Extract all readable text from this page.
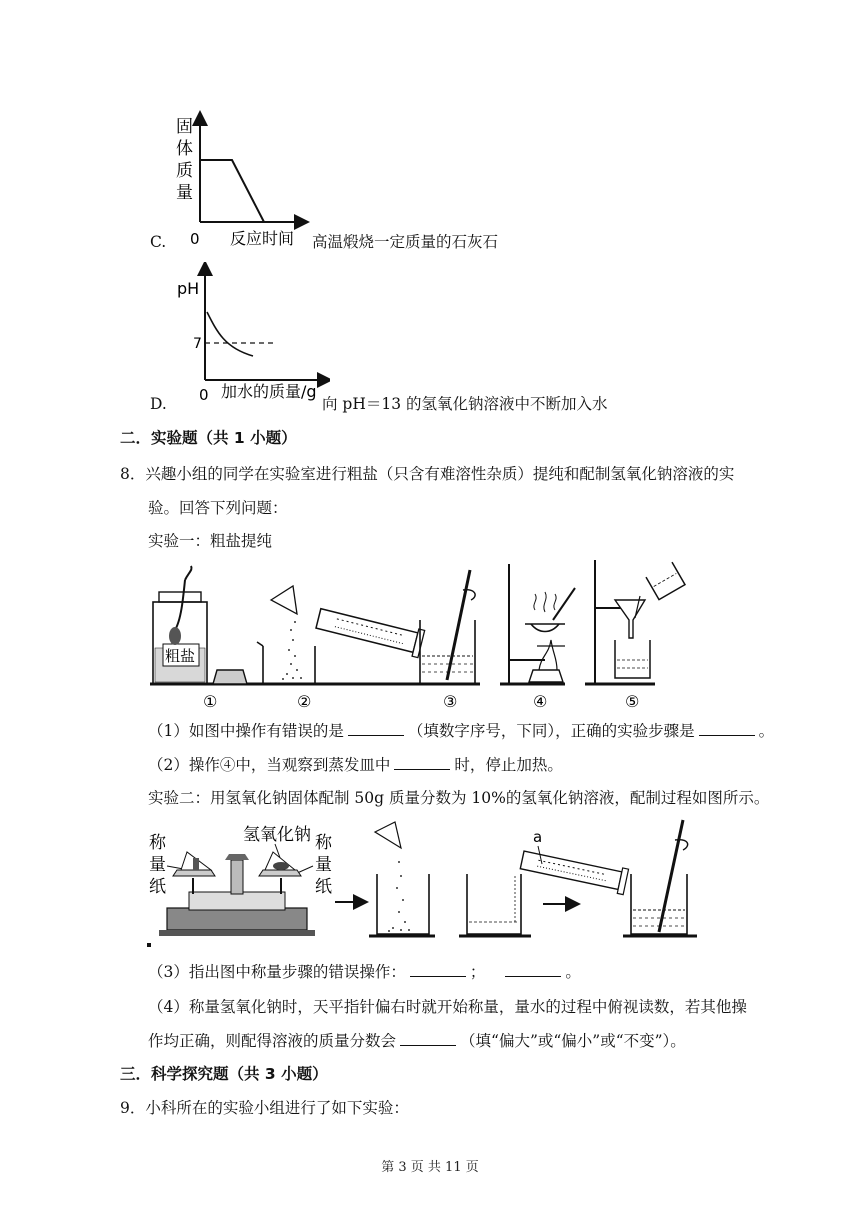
固
体
质
量
0 反应时间
C.	高温煅烧一定质量的石灰石
pH
7
0 加水的质量/g
D.	向 pH＝13 的氢氧化钠溶液中不断加入水
二．实验题（共 1 小题）
8．兴趣小组的同学在实验室进行粗盐（只含有难溶性杂质）提纯和配制氢氧化钠溶液的实
验。回答下列问题：
实验一：粗盐提纯
粗盐
①	②	③	④	⑤
（1）如图中操作有错误的是	（填数字序号，下同），正确的实验步骤是	。
（2）操作④中，当观察到蒸发皿中	时，停止加热。
实验二：用氢氧化钠固体配制 50g 质量分数为 10%的氢氧化钠溶液，配制过程如图所示。
称
量
纸
氢氧化钠 称
量
纸
a
（3）指出图中称量步骤的错误操作：	；	。
（4）称量氢氧化钠时，天平指针偏右时就开始称量，量水的过程中俯视读数，若其他操
作均正确，则配得溶液的质量分数会	（填“偏大”或“偏小”或“不变”）。
三．科学探究题（共 3 小题）
9．小科所在的实验小组进行了如下实验：
第 3 页 共 11 页
